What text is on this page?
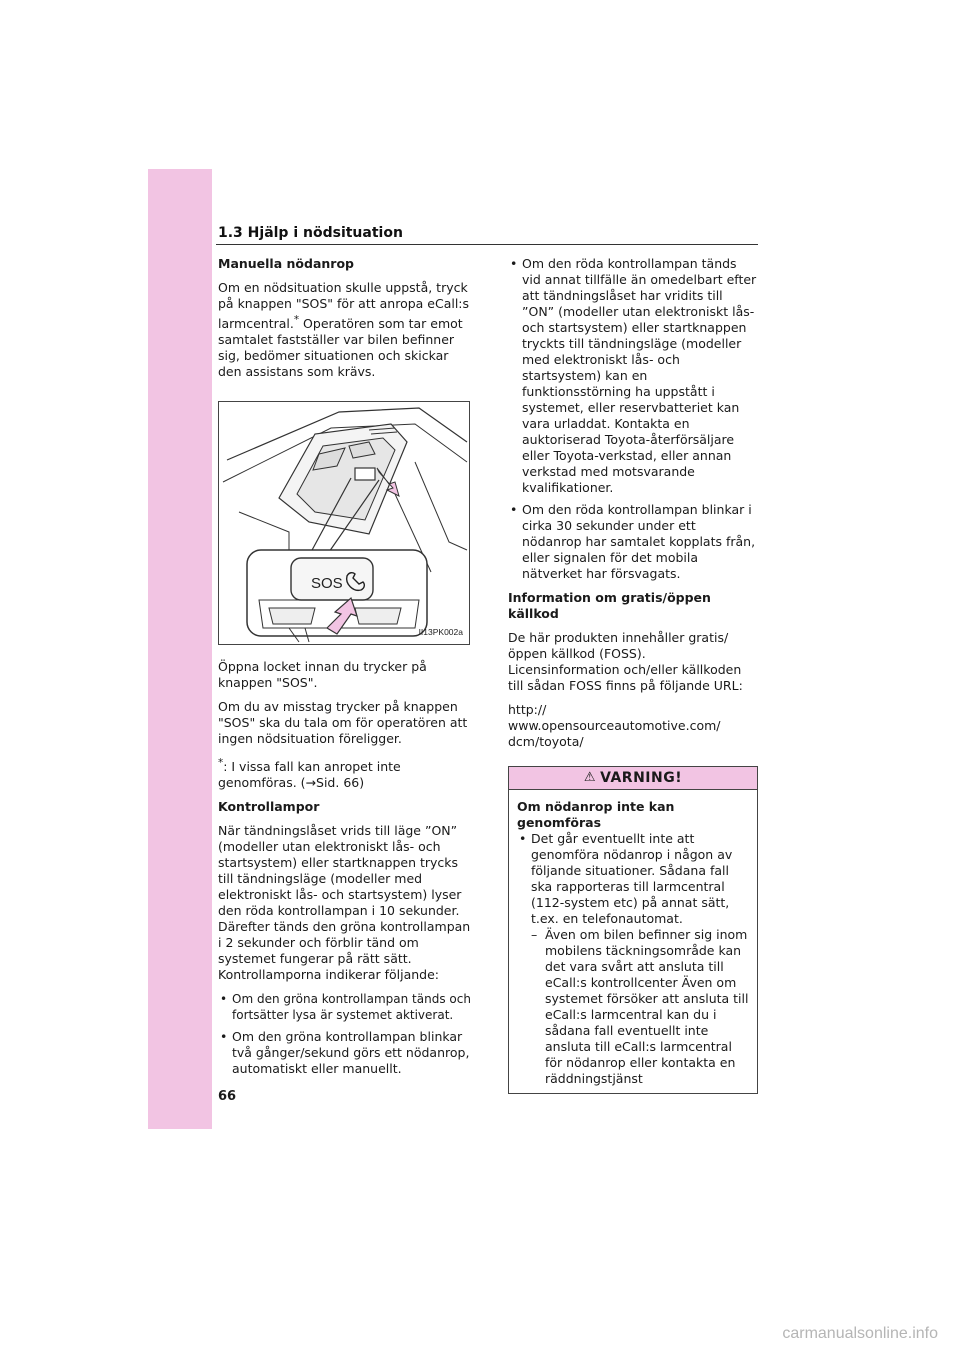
1.3 Hjälp i nödsituation
Manuella nödanrop

Om en nödsituation skulle uppstå, tryck på knappen "SOS" för att anropa eCall:s larmcentral.* Operatören som tar emot samtalet fastställer var bilen befinner sig, bedömer situationen och skickar den assistans som krävs.

SOS
II13PK002a

Öppna locket innan du trycker på knappen "SOS".

Om du av misstag trycker på knappen "SOS" ska du tala om för operatören att ingen nödsituation föreligger.

*: I vissa fall kan anropet inte genomföras. (→Sid. 66)

Kontrollampor

När tändningslåset vrids till läge ”ON” (modeller utan elektroniskt lås- och startsystem) eller startknappen trycks till tändningsläge (modeller med elektroniskt lås- och startsystem) lyser den röda kontrollampan i 10 sekunder. Därefter tänds den gröna kontrollampan i 2 sekunder och förblir tänd om systemet fungerar på rätt sätt. Kontrollamporna indikerar följande:

• Om den gröna kontrollampan tänds och fortsätter lysa är systemet aktiverat.
• Om den gröna kontrollampan blinkar två gånger/sekund görs ett nödanrop, automatiskt eller manuellt.
• Om den röda kontrollampan tänds vid annat tillfälle än omedelbart efter att tändningslåset har vridits till ”ON” (modeller utan elektroniskt lås- och startsystem) eller startknappen tryckts till tändningsläge (modeller med elektroniskt lås- och startsystem) kan en funktionsstörning ha uppstått i systemet, eller reservbatteriet kan vara urladdat. Kontakta en auktoriserad Toyota-återförsäljare eller Toyota-verkstad, eller annan verkstad med motsvarande kvalifikationer.
• Om den röda kontrollampan blinkar i cirka 30 sekunder under ett nödanrop har samtalet kopplats från, eller signalen för det mobila nätverket har försvagats.
Information om gratis/öppen källkod

De här produkten innehåller gratis/öppen källkod (FOSS). Licensinformation och/eller källkoden till sådan FOSS finns på följande URL:

http:// www.opensourceautomotive.com/ dcm/toyota/

⚠ VARNING!
Om nödanrop inte kan genomföras

• Det går eventuellt inte att genomföra nödanrop i någon av följande situationer. Sådana fall ska rapporteras till larmcentral (112-system etc) på annat sätt, t.ex. en telefonautomat.

– Även om bilen befinner sig inom mobilens täckningsområde kan det vara svårt att ansluta till eCall:s kontrollcenter Även om systemet försöker att ansluta till eCall:s larmcentral kan du i sådana fall eventuellt inte ansluta till eCall:s larmcentral för nödanrop eller kontakta en räddningstjänst

66
carmanualsonline.info
